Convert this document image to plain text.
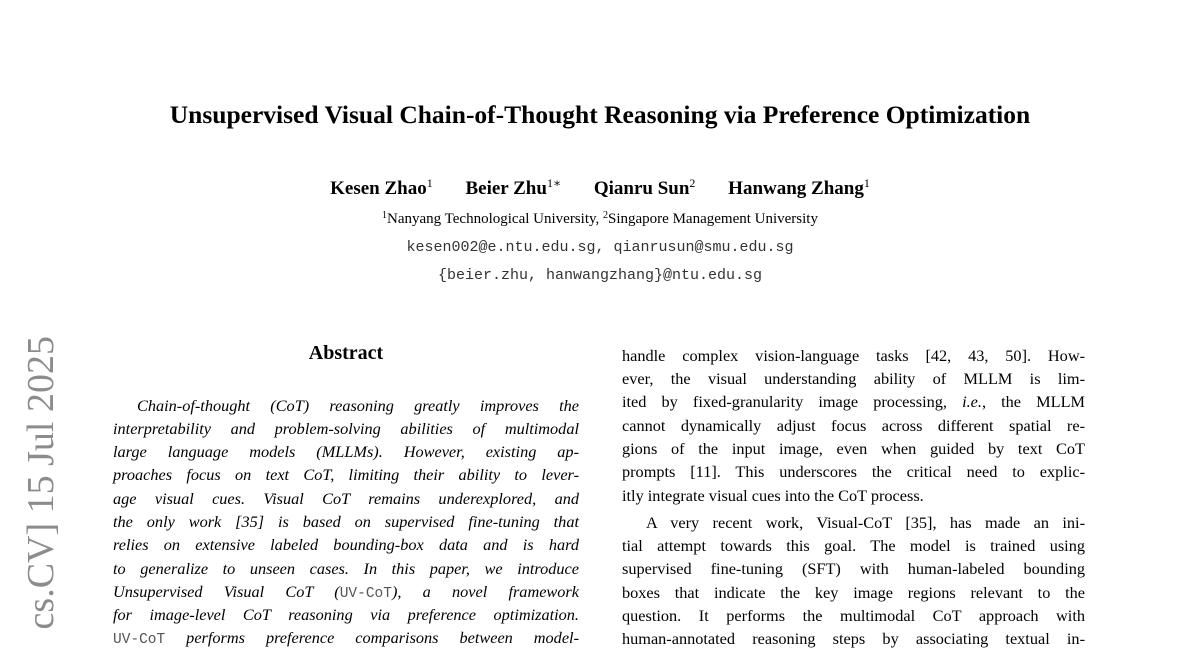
Unsupervised Visual Chain-of-Thought Reasoning via Preference Optimization
Kesen Zhao$^1$ Beier Zhu$^{1∗}$ Qianru Sun$^2$ Hanwang Zhang$^1$
$^1$Nanyang Technological University, $^2$Singapore Management University
kesen002@e.ntu.edu.sg, qianrusun@smu.edu.sg
{beier.zhu, hanwangzhang}@ntu.edu.sg
cs.CV] 15 Jul 2025	Abstract
Chain-of-thought (CoT) reasoning greatly improves the
interpretability and problem-solving abilities of multimodal
large language models (MLLMs). However, existing ap-
proaches focus on text CoT, limiting their ability to lever-
age visual cues. Visual CoT remains underexplored, and
the only work [35] is based on supervised fine-tuning that
relies on extensive labeled bounding-box data and is hard
to generalize to unseen cases. In this paper, we introduce
Unsupervised Visual CoT (UV-CoT), a novel framework
for image-level CoT reasoning via preference optimization.
UV-CoT performs preference comparisons between model-
handle complex vision-language tasks [42, 43, 50]. How-
ever, the visual understanding ability of MLLM is lim-
ited by fixed-granularity image processing, i.e., the MLLM
cannot dynamically adjust focus across different spatial re-
gions of the input image, even when guided by text CoT
prompts [11]. This underscores the critical need to explic-
itly integrate visual cues into the CoT process.
A very recent work, Visual-CoT [35], has made an ini-
tial attempt towards this goal. The model is trained using
supervised fine-tuning (SFT) with human-labeled bounding
boxes that indicate the key image regions relevant to the
question. It performs the multimodal CoT approach with
human-annotated reasoning steps by associating textual in-
